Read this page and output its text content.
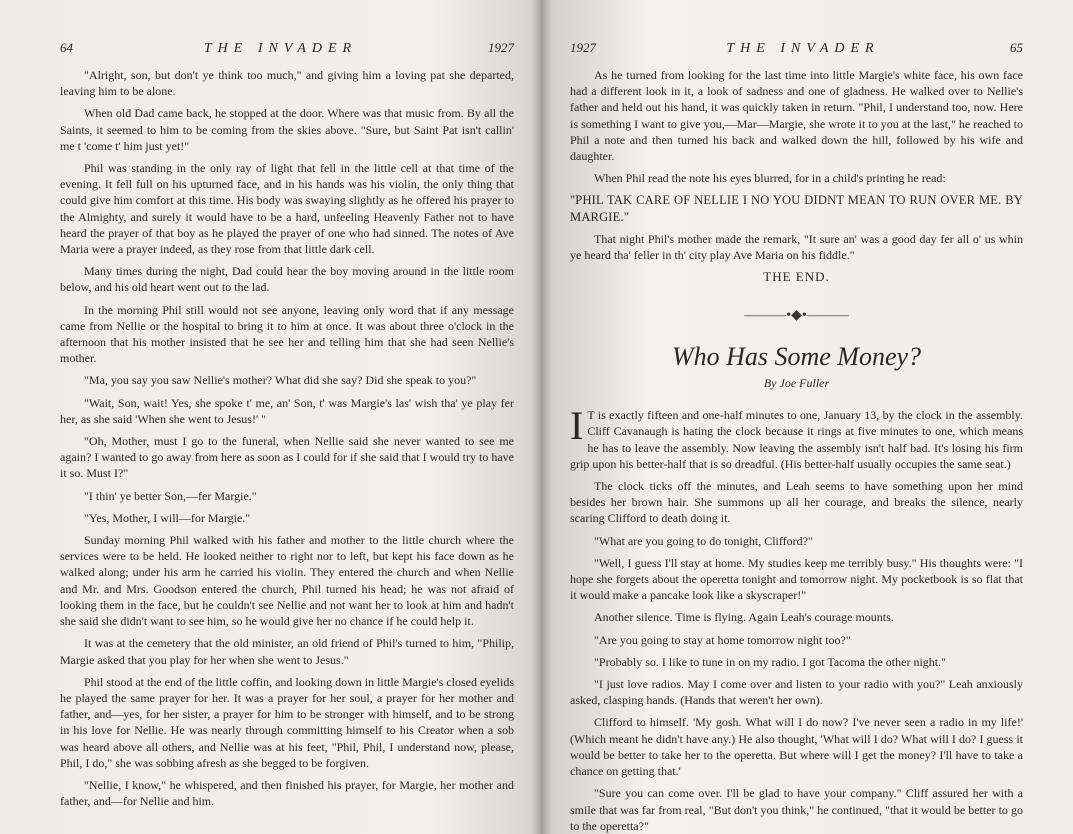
64	THE INVADER	1927

"Alright, son, but don't ye think too much," and giving him a loving pat she departed, leaving him to be alone.

When old Dad came back, he stopped at the door. Where was that music from. By all the Saints, it seemed to him to be coming from the skies above. "Sure, but Saint Pat isn't callin' me t 'come t' him just yet!"

Phil was standing in the only ray of light that fell in the little cell at that time of the evening. It fell full on his upturned face, and in his hands was his violin, the only thing that could give him comfort at this time. His body was swaying slightly as he offered his prayer to the Almighty, and surely it would have to be a hard, unfeeling Heavenly Father not to have heard the prayer of that boy as he played the prayer of one who had sinned. The notes of Ave Maria were a prayer indeed, as they rose from that little dark cell.

Many times during the night, Dad could hear the boy moving around in the little room below, and his old heart went out to the lad.

In the morning Phil still would not see anyone, leaving only word that if any message came from Nellie or the hospital to bring it to him at once. It was about three o'clock in the afternoon that his mother insisted that he see her and telling him that she had seen Nellie's mother.

"Ma, you say you saw Nellie's mother? What did she say? Did she speak to you?"

"Wait, Son, wait! Yes, she spoke t' me, an' Son, t' was Margie's las' wish tha' ye play fer her, as she said 'When she went to Jesus!' "

"Oh, Mother, must I go to the funeral, when Nellie said she never wanted to see me again? I wanted to go away from here as soon as I could for if she said that I would try to have it so. Must I?"

"I thin' ye better Son,—fer Margie."

"Yes, Mother, I will—for Margie."

Sunday morning Phil walked with his father and mother to the little church where the services were to be held. He looked neither to right nor to left, but kept his face down as he walked along; under his arm he carried his violin. They entered the church and when Nellie and Mr. and Mrs. Goodson entered the church, Phil turned his head; he was not afraid of looking them in the face, but he couldn't see Nellie and not want her to look at him and hadn't she said she didn't want to see him, so he would give her no chance if he could help it.

It was at the cemetery that the old minister, an old friend of Phil's turned to him, "Philip, Margie asked that you play for her when she went to Jesus."

Phil stood at the end of the little coffin, and looking down in little Margie's closed eyelids he played the same prayer for her. It was a prayer for her soul, a prayer for her mother and father, and—yes, for her sister, a prayer for him to be stronger with himself, and to be strong in his love for Nellie. He was nearly through committing himself to his Creator when a sob was heard above all others, and Nellie was at his feet, "Phil, Phil, I understand now, please, Phil, I do," she was sobbing afresh as she begged to be forgiven.

"Nellie, I know," he whispered, and then finished his prayer, for Margie, her mother and father, and—for Nellie and him.

1927	THE INVADER	65

As he turned from looking for the last time into little Margie's white face, his own face had a different look in it, a look of sadness and one of gladness. He walked over to Nellie's father and held out his hand, it was quickly taken in return. "Phil, I understand too, now. Here is something I want to give you,—Mar—Margie, she wrote it to you at the last," he reached to Phil a note and then turned his back and walked down the hill, followed by his wife and daughter.

When Phil read the note his eyes blurred, for in a child's printing he read:

"PHIL TAK CARE OF NELLIE I NO YOU DIDNT MEAN TO RUN OVER ME. BY MARGIE."

That night Phil's mother made the remark, "It sure an' was a good day fer all o' us whin ye heard tha' feller in th' city play Ave Maria on his fiddle."

THE END.
———•◆•———
Who Has Some Money?
By Joe Fuller

I T is exactly fifteen and one-half minutes to one, January 13, by the clock in the assembly. Cliff Cavanaugh is hating the clock because it rings at five minutes to one, which means he has to leave the assembly. Now leaving the assembly isn't half bad. It's losing his firm grip upon his better-half that is so dreadful. (His better-half usually occupies the same seat.)

The clock ticks off the minutes, and Leah seems to have something upon her mind besides her brown hair. She summons up all her courage, and breaks the silence, nearly scaring Clifford to death doing it.

"What are you going to do tonight, Clifford?"

"Well, I guess I'll stay at home. My studies keep me terribly busy." His thoughts were: "I hope she forgets about the operetta tonight and tomorrow night. My pocketbook is so flat that it would make a pancake look like a skyscraper!"

Another silence. Time is flying. Again Leah's courage mounts.

"Are you going to stay at home tomorrow night too?"

"Probably so. I like to tune in on my radio. I got Tacoma the other night."

"I just love radios. May I come over and listen to your radio with you?" Leah anxiously asked, clasping hands. (Hands that weren't her own).

Clifford to himself. 'My gosh. What will I do now? I've never seen a radio in my life!' (Which meant he didn't have any.) He also thought, 'What will I do? What will I do? I guess it would be better to take her to the operetta. But where will I get the money? I'll have to take a chance on getting that.'

"Sure you can come over. I'll be glad to have your company." Cliff assured her with a smile that was far from real, "But don't you think," he continued, "that it would be better to go to the operetta?"
